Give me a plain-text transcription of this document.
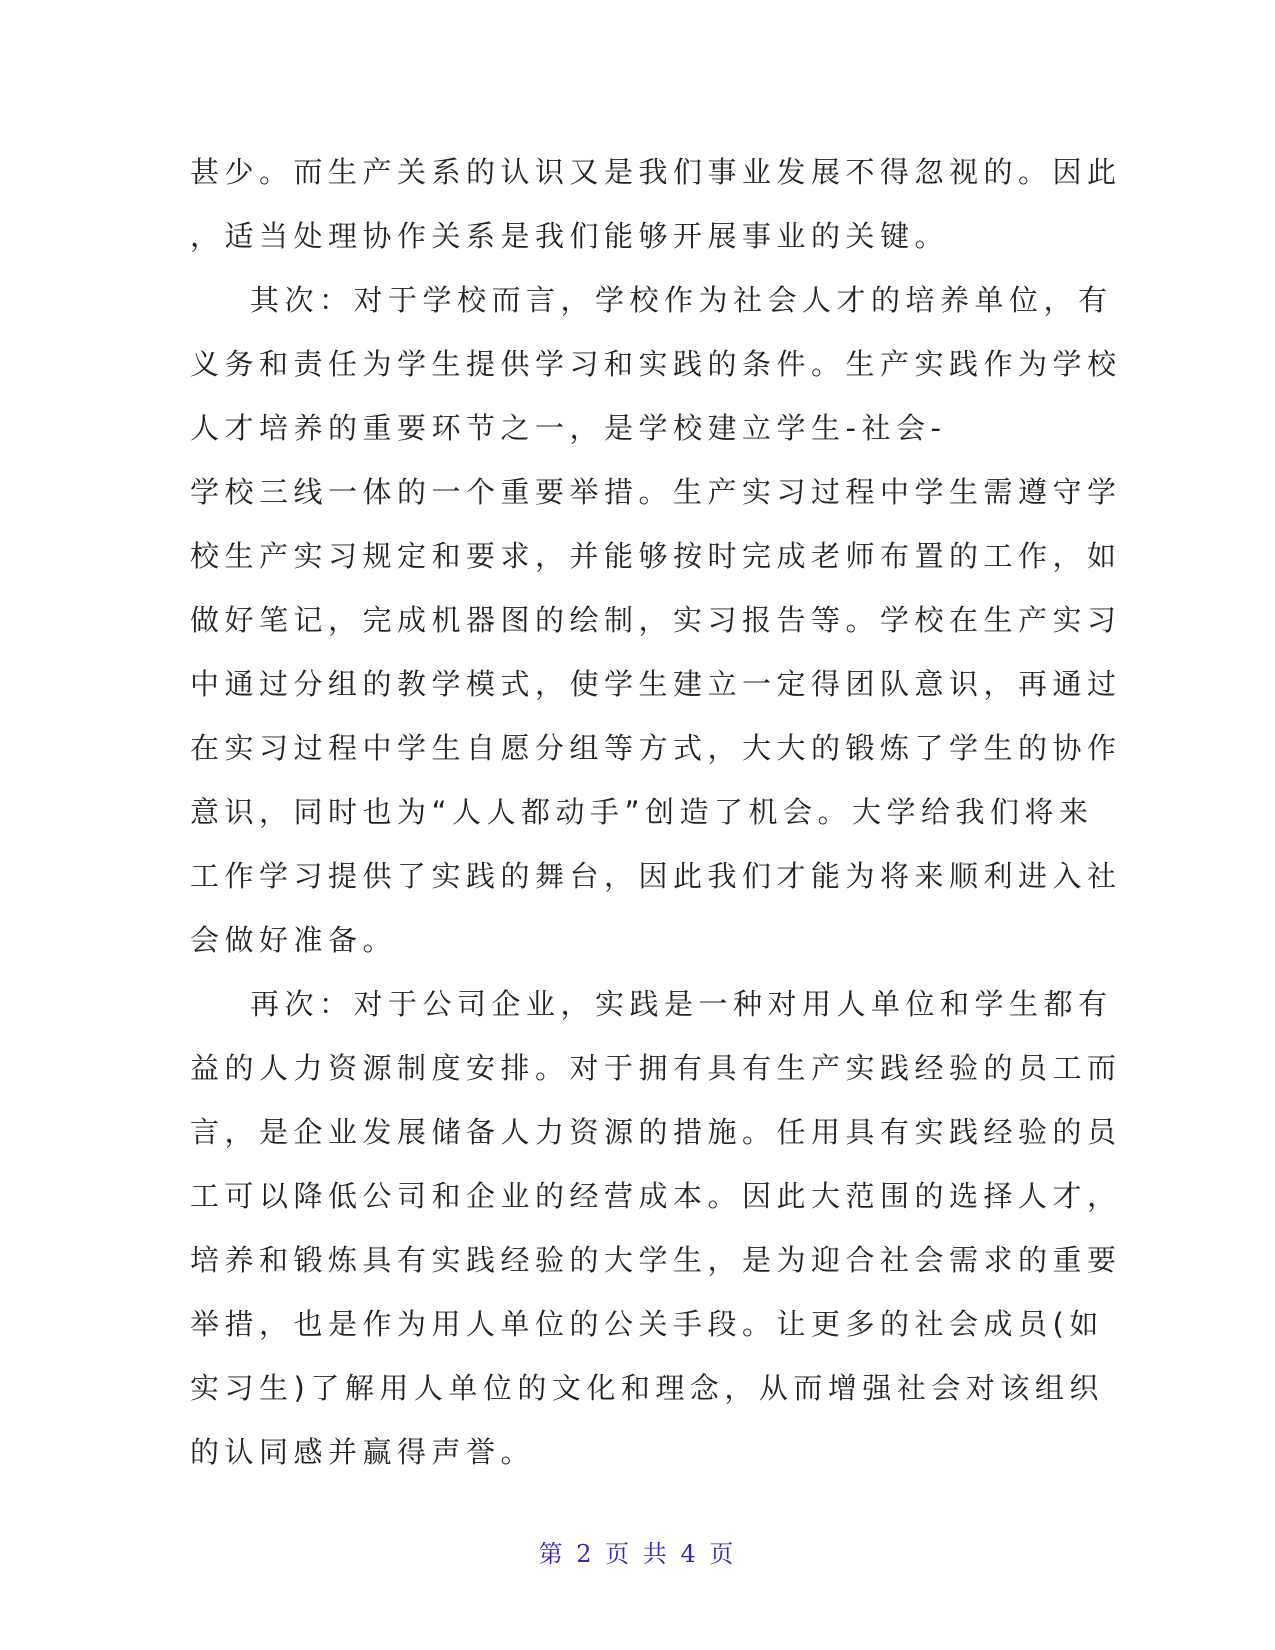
甚少。而生产关系的认识又是我们事业发展不得忽视的。因此
，适当处理协作关系是我们能够开展事业的关键。
其次：对于学校而言，学校作为社会人才的培养单位，有
义务和责任为学生提供学习和实践的条件。生产实践作为学校
人才培养的重要环节之一，是学校建立学生-社会-
学校三线一体的一个重要举措。生产实习过程中学生需遵守学
校生产实习规定和要求，并能够按时完成老师布置的工作，如
做好笔记，完成机器图的绘制，实习报告等。学校在生产实习
中通过分组的教学模式，使学生建立一定得团队意识，再通过
在实习过程中学生自愿分组等方式，大大的锻炼了学生的协作
意识，同时也为“人人都动手”创造了机会。大学给我们将来
工作学习提供了实践的舞台，因此我们才能为将来顺利进入社
会做好准备。
再次：对于公司企业，实践是一种对用人单位和学生都有
益的人力资源制度安排。对于拥有具有生产实践经验的员工而
言，是企业发展储备人力资源的措施。任用具有实践经验的员
工可以降低公司和企业的经营成本。因此大范围的选择人才，
培养和锻炼具有实践经验的大学生，是为迎合社会需求的重要
举措，也是作为用人单位的公关手段。让更多的社会成员(如
实习生)了解用人单位的文化和理念，从而增强社会对该组织
的认同感并赢得声誉。
第 2 页 共 4 页
